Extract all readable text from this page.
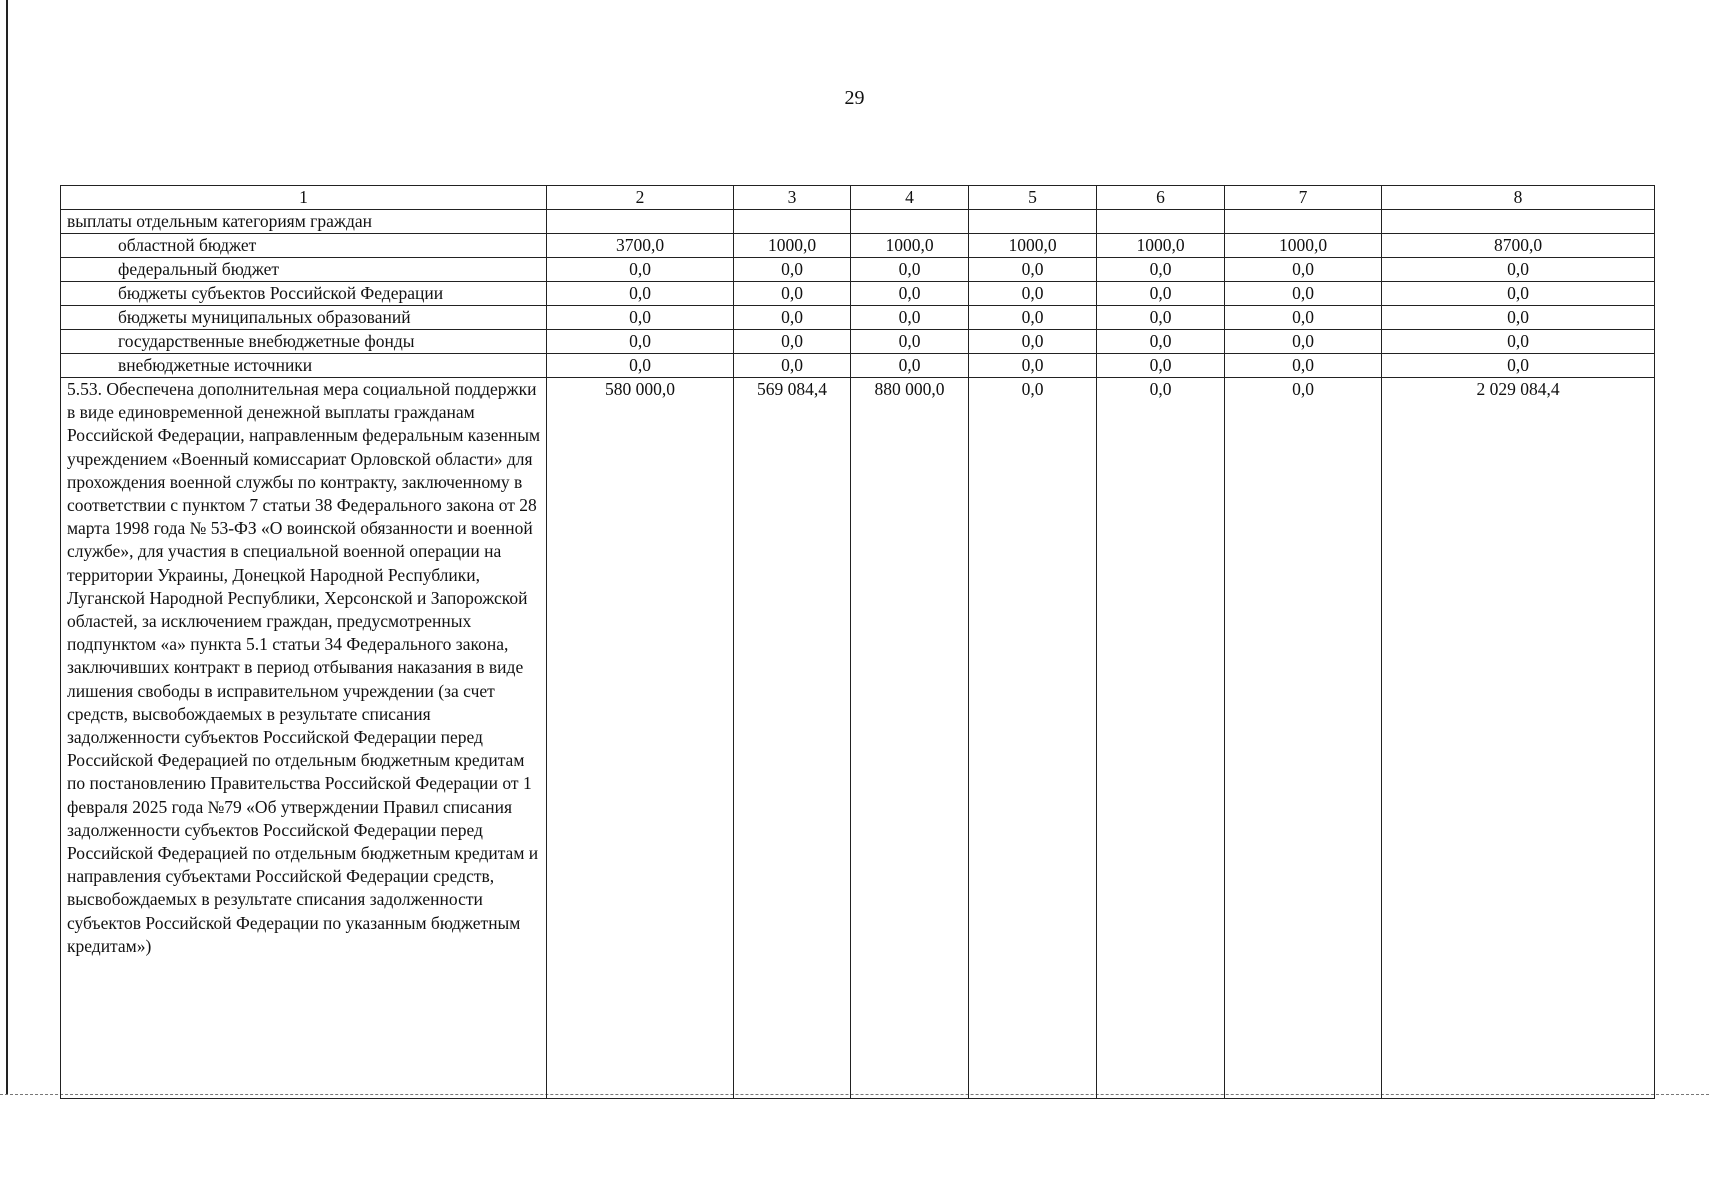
29
1	2	3	4	5	6	7	8
выплаты отдельным категориям граждан							
областной бюджет	3700,0	1000,0	1000,0	1000,0	1000,0	1000,0	8700,0
федеральный бюджет	0,0	0,0	0,0	0,0	0,0	0,0	0,0
бюджеты субъектов Российской Федерации	0,0	0,0	0,0	0,0	0,0	0,0	0,0
бюджеты муниципальных образований	0,0	0,0	0,0	0,0	0,0	0,0	0,0
государственные внебюджетные фонды	0,0	0,0	0,0	0,0	0,0	0,0	0,0
внебюджетные источники	0,0	0,0	0,0	0,0	0,0	0,0	0,0
5.53. Обеспечена дополнительная мера социальной поддержки в виде единовременной денежной выплаты гражданам Российской Федерации, направленным федеральным казенным учреждением «Военный комиссариат Орловской области» для прохождения военной службы по контракту, заключенному в соответствии с пунктом 7 статьи 38 Федерального закона от 28 марта 1998 года № 53-ФЗ «О воинской обязанности и военной службе», для участия в специальной военной операции на территории Украины, Донецкой Народной Республики, Луганской Народной Республики, Херсонской и Запорожской областей, за исключением граждан, предусмотренных подпунктом «а» пункта 5.1 статьи 34 Федерального закона, заключивших контракт в период отбывания наказания в виде лишения свободы в исправительном учреждении (за счет средств, высвобождаемых в результате списания задолженности субъектов Российской Федерации перед Российской Федерацией по отдельным бюджетным кредитам по постановлению Правительства Российской Федерации от 1 февраля 2025 года №79 «Об утверждении Правил списания задолженности субъектов Российской Федерации перед Российской Федерацией по отдельным бюджетным кредитам и направления субъектами Российской Федерации средств, высвобождаемых в результате списания задолженности субъектов Российской Федерации по указанным бюджетным кредитам»)	580 000,0	569 084,4	880 000,0	0,0	0,0	0,0	2 029 084,4
